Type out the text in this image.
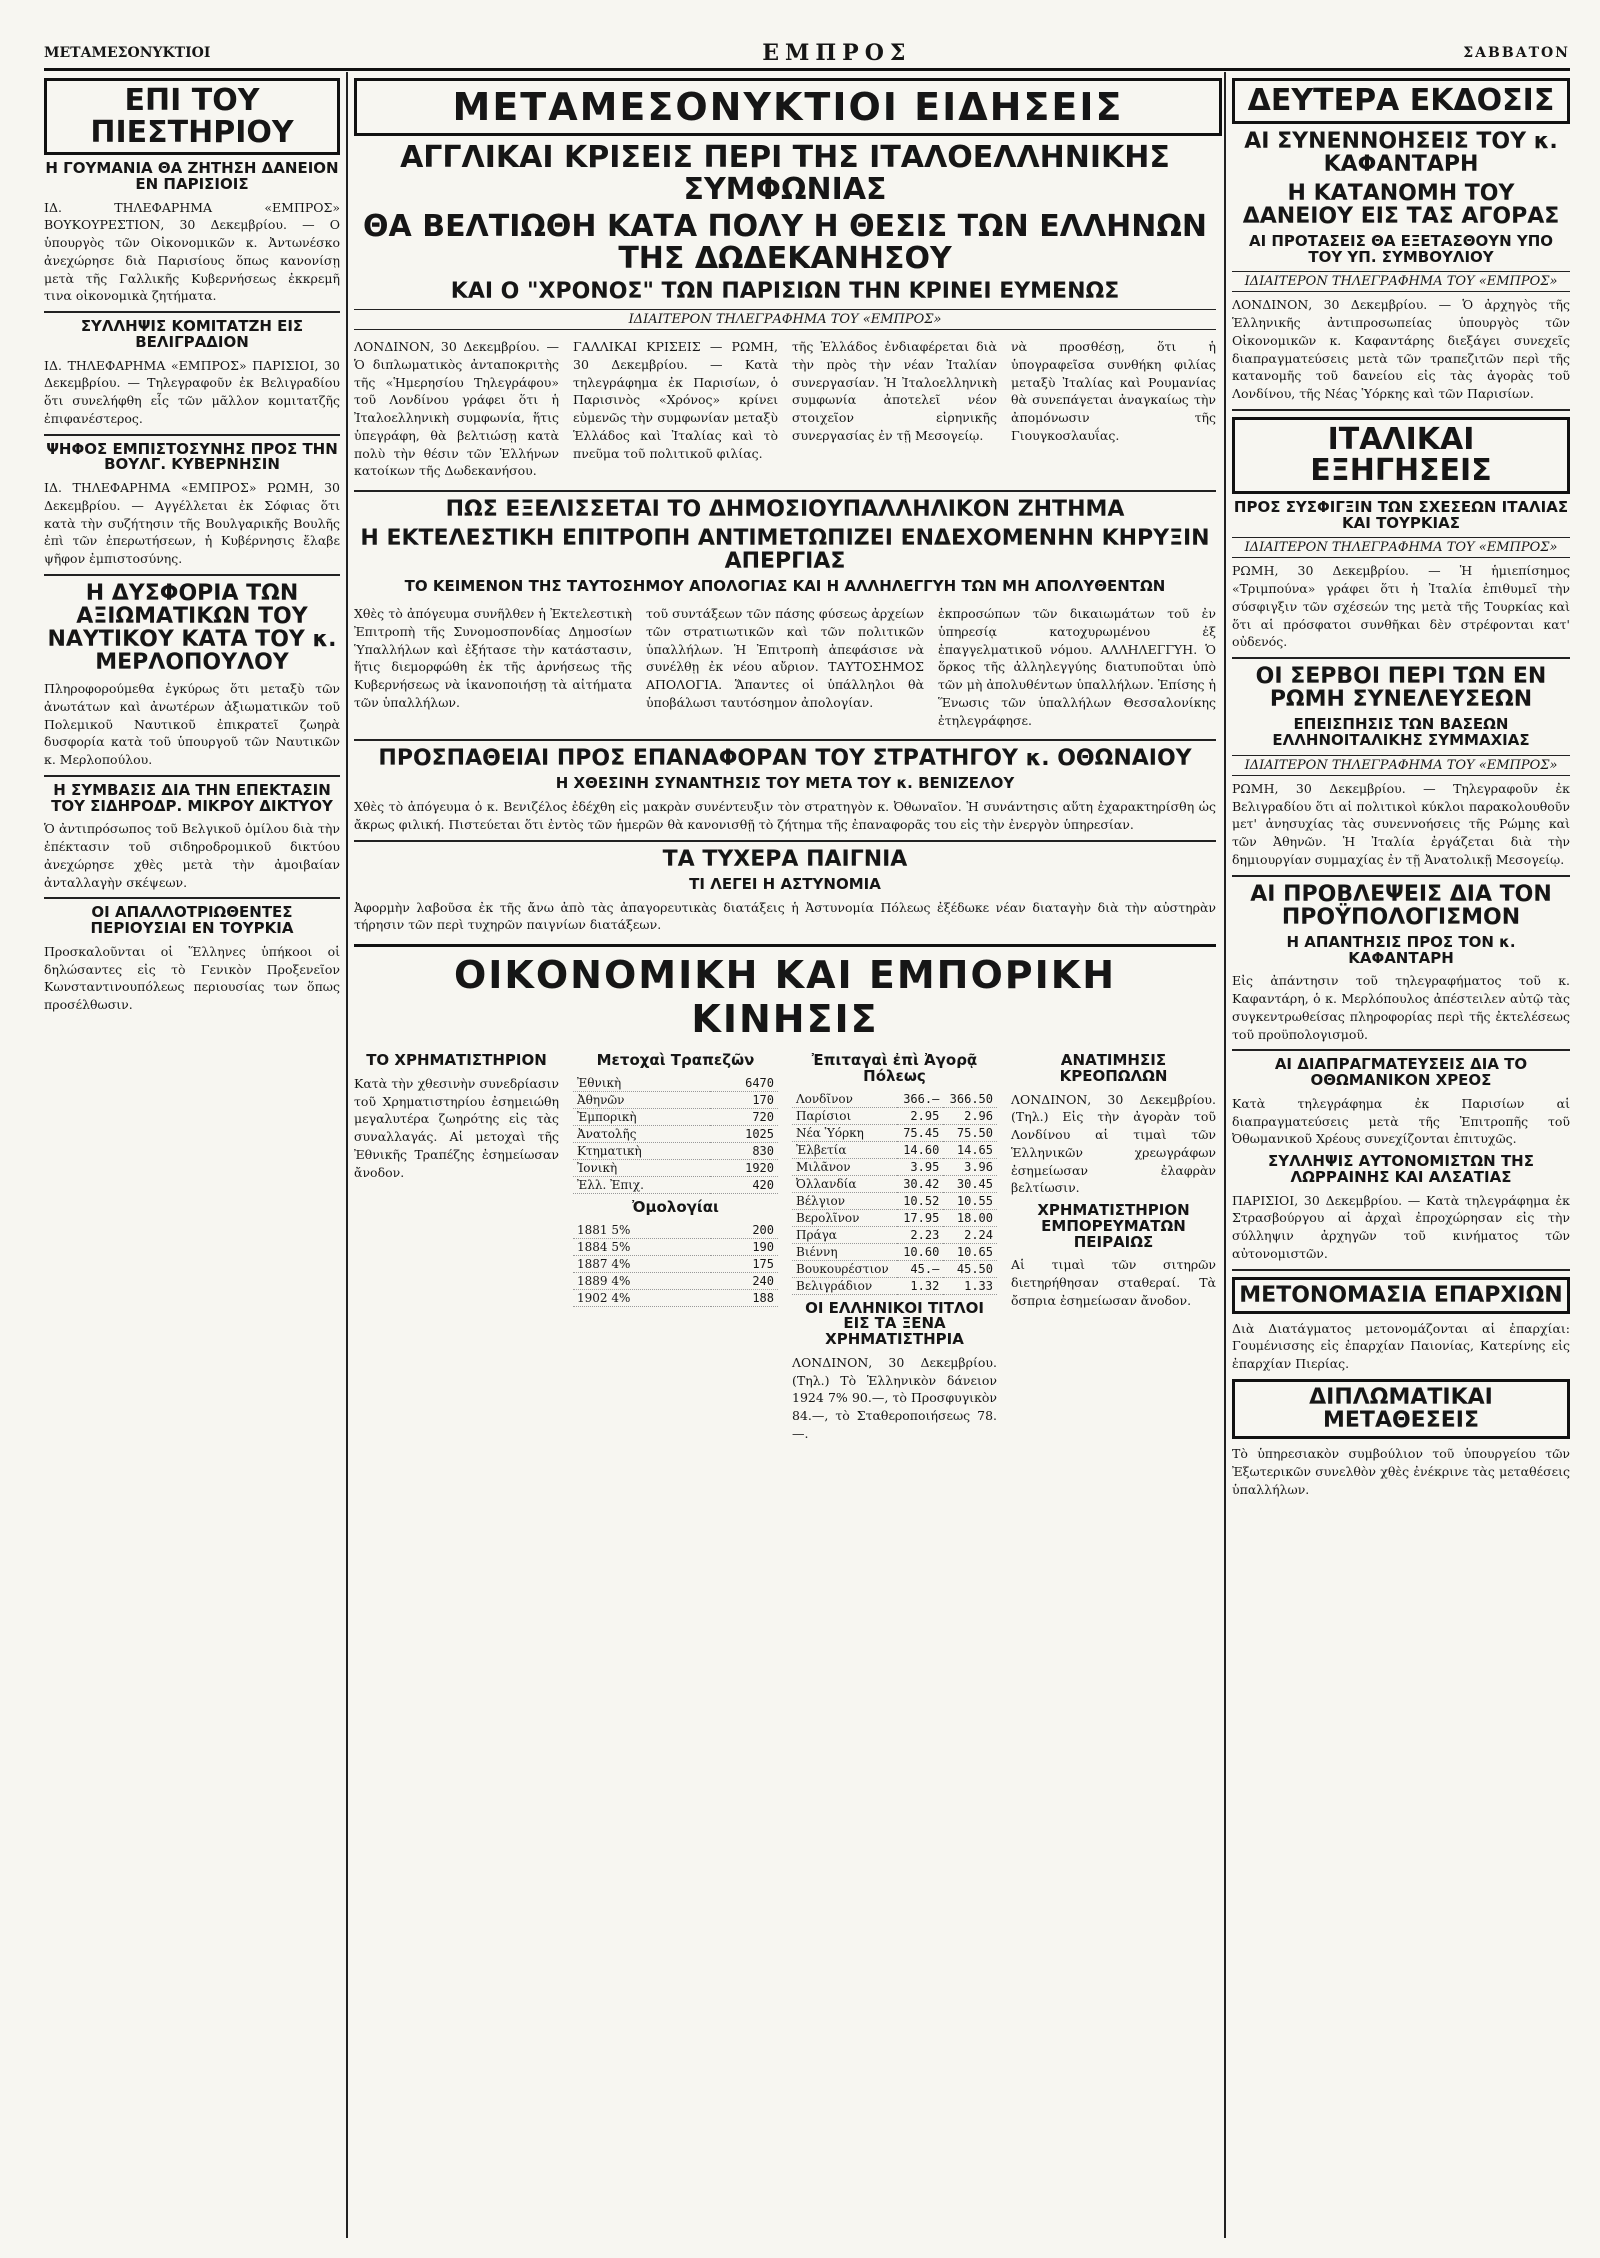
ΜΕΤΑΜΕΣΟΝΥΚΤΙΟΙ	ΕΜΠΡΟΣ	ΣΑΒΒΑΤΟΝ
ΕΠΙ ΤΟΥ ΠΙΕΣΤΗΡΙΟΥ
Η ΓΟΥΜΑΝΙΑ ΘΑ ΖΗΤΗΣΗ ΔΑΝΕΙΟΝ ΕΝ ΠΑΡΙΣΙΟΙΣ
ΙΔ. ΤΗΛΕΦΑΡΗΜΑ «ΕΜΠΡΟΣ» ΒΟΥΚΟΥΡΕΣΤΙΟΝ, 30 Δεκεμβρίου. — Ο ὑπουργὸς τῶν Οἰκονομικῶν κ. Ἀντωνέσκο ἀνεχώρησε διὰ Παρισίους ὅπως κανονίσῃ μετὰ τῆς Γαλλικῆς Κυβερνήσεως ἐκκρεμῆ τινα οἰκονομικὰ ζητήματα.
ΣΥΛΛΗΨΙΣ ΚΟΜΙΤΑΤΖΗ ΕΙΣ ΒΕΛΙΓΡΑΔΙΟΝ
ΙΔ. ΤΗΛΕΦΑΡΗΜΑ «ΕΜΠΡΟΣ» ΠΑΡΙΣΙΟΙ, 30 Δεκεμβρίου. — Τηλεγραφοῦν ἐκ Βελιγραδίου ὅτι συνελήφθη εἷς τῶν μᾶλλον κομιτατζῆς ἐπιφανέστερος.
ΨΗΦΟΣ ΕΜΠΙΣΤΟΣΥΝΗΣ ΠΡΟΣ ΤΗΝ ΒΟΥΛΓ. ΚΥΒΕΡΝΗΣΙΝ
ΙΔ. ΤΗΛΕΦΑΡΗΜΑ «ΕΜΠΡΟΣ» ΡΩΜΗ, 30 Δεκεμβρίου. — Αγγέλλεται ἐκ Σόφιας ὅτι κατὰ τὴν συζήτησιν τῆς Βουλγαρικῆς Βουλῆς ἐπὶ τῶν ἐπερωτήσεων, ἡ Κυβέρνησις ἔλαβε ψῆφον ἐμπιστοσύνης.
Η ΔΥΣΦΟΡΙΑ ΤΩΝ ΑΞΙΩΜΑΤΙΚΩΝ ΤΟΥ ΝΑΥΤΙΚΟΥ ΚΑΤΑ ΤΟΥ κ. ΜΕΡΛΟΠΟΥΛΟΥ
Πληροφορούμεθα ἐγκύρως ὅτι μεταξὺ τῶν ἀνωτάτων καὶ ἀνωτέρων ἀξιωματικῶν τοῦ Πολεμικοῦ Ναυτικοῦ ἐπικρατεῖ ζωηρὰ δυσφορία κατὰ τοῦ ὑπουργοῦ τῶν Ναυτικῶν κ. Μερλοπούλου.
Η ΣΥΜΒΑΣΙΣ ΔΙΑ ΤΗΝ ΕΠΕΚΤΑΣΙΝ ΤΟΥ ΣΙΔΗΡΟΔΡ. ΜΙΚΡΟΥ ΔΙΚΤΥΟΥ
Ὁ ἀντιπρόσωπος τοῦ Βελγικοῦ ὁμίλου διὰ τὴν ἐπέκτασιν τοῦ σιδηροδρομικοῦ δικτύου ἀνεχώρησε χθὲς μετὰ τὴν ἀμοιβαίαν ἀνταλλαγὴν σκέψεων.
ΟΙ ΑΠΑΛΛΟΤΡΙΩΘΕΝΤΕΣ ΠΕΡΙΟΥΣΙΑΙ ΕΝ ΤΟΥΡΚΙΑ
Προσκαλοῦνται οἱ Ἕλληνες ὑπήκοοι οἱ δηλώσαντες εἰς τὸ Γενικὸν Προξενεῖον Κωνσταντινουπόλεως περιουσίας των ὅπως προσέλθωσιν.
ΜΕΤΑΜΕΣΟΝΥΚΤΙΟΙ ΕΙΔΗΣΕΙΣ
ΑΓΓΛΙΚΑΙ ΚΡΙΣΕΙΣ ΠΕΡΙ ΤΗΣ ΙΤΑΛΟΕΛΛΗΝΙΚΗΣ ΣΥΜΦΩΝΙΑΣ
ΘΑ ΒΕΛΤΙΩΘΗ ΚΑΤΑ ΠΟΛΥ Η ΘΕΣΙΣ ΤΩΝ ΕΛΛΗΝΩΝ ΤΗΣ ΔΩΔΕΚΑΝΗΣΟΥ
ΚΑΙ Ο "ΧΡΟΝΟΣ" ΤΩΝ ΠΑΡΙΣΙΩΝ ΤΗΝ ΚΡΙΝΕΙ ΕΥΜΕΝΩΣ
ΙΔΙΑΙΤΕΡΟΝ ΤΗΛΕΓΡΑΦΗΜΑ ΤΟΥ «ΕΜΠΡΟΣ»
ΛΟΝΔΙΝΟΝ, 30 Δεκεμβρίου. — Ὁ διπλωματικὸς ἀνταποκριτὴς τῆς «Ἡμερησίου Τηλεγράφου» τοῦ Λονδίνου γράφει ὅτι ἡ Ἰταλοελληνικὴ συμφωνία, ἥτις ὑπεγράφη, θὰ βελτιώσῃ κατὰ πολὺ τὴν θέσιν τῶν Ἑλλήνων κατοίκων τῆς Δωδεκανήσου.
ΓΑΛΛΙΚΑΙ ΚΡΙΣΕΙΣ — ΡΩΜΗ, 30 Δεκεμβρίου. — Κατὰ τηλεγράφημα ἐκ Παρισίων, ὁ Παρισινὸς «Χρόνος» κρίνει εὐμενῶς τὴν συμφωνίαν μεταξὺ Ἑλλάδος καὶ Ἰταλίας καὶ τὸ πνεῦμα τοῦ πολιτικοῦ φιλίας.
τῆς Ἑλλάδος ἐνδιαφέρεται διὰ τὴν πρὸς τὴν νέαν Ἰταλίαν συνεργασίαν. Ἡ Ἰταλοελληνικὴ συμφωνία ἀποτελεῖ νέον στοιχεῖον εἰρηνικῆς συνεργασίας ἐν τῇ Μεσογείῳ.
νὰ προσθέσῃ, ὅτι ἡ ὑπογραφεῖσα συνθήκη φιλίας μεταξὺ Ἰταλίας καὶ Ρουμανίας θὰ συνεπάγεται ἀναγκαίως τὴν ἀπομόνωσιν τῆς Γιουγκοσλαυΐας.
ΠΩΣ ΕΞΕΛΙΣΣΕΤΑΙ ΤΟ ΔΗΜΟΣΙΟΥΠΑΛΛΗΛΙΚΟΝ ΖΗΤΗΜΑ
Η ΕΚΤΕΛΕΣΤΙΚΗ ΕΠΙΤΡΟΠΗ ΑΝΤΙΜΕΤΩΠΙΖΕΙ ΕΝΔΕΧΟΜΕΝΗΝ ΚΗΡΥΞΙΝ ΑΠΕΡΓΙΑΣ
ΤΟ ΚΕΙΜΕΝΟΝ ΤΗΣ ΤΑΥΤΟΣΗΜΟΥ ΑΠΟΛΟΓΙΑΣ ΚΑΙ Η ΑΛΛΗΛΕΓΓΥΗ ΤΩΝ ΜΗ ΑΠΟΛΥΘΕΝΤΩΝ
Χθὲς τὸ ἀπόγευμα συνῆλθεν ἡ Ἐκτελεστικὴ Ἐπιτροπὴ τῆς Συνομοσπονδίας Δημοσίων Ὑπαλλήλων καὶ ἐξήτασε τὴν κατάστασιν, ἥτις διεμορφώθη ἐκ τῆς ἀρνήσεως τῆς Κυβερνήσεως νὰ ἱκανοποιήσῃ τὰ αἰτήματα τῶν ὑπαλλήλων.
τοῦ συντάξεων τῶν πάσης φύσεως ἀρχείων τῶν στρατιωτικῶν καὶ τῶν πολιτικῶν ὑπαλλήλων. Ἡ Ἐπιτροπὴ ἀπεφάσισε νὰ συνέλθῃ ἐκ νέου αὔριον. ΤΑΥΤΟΣΗΜΟΣ ΑΠΟΛΟΓΙΑ. Ἅπαντες οἱ ὑπάλληλοι θὰ ὑποβάλωσι ταυτόσημον ἀπολογίαν.
ἐκπροσώπων τῶν δικαιωμάτων τοῦ ἐν ὑπηρεσίᾳ κατοχυρωμένου ἐξ ἐπαγγελματικοῦ νόμου. ΑΛΛΗΛΕΓΓΥΗ. Ὁ ὅρκος τῆς ἀλληλεγγύης διατυποῦται ὑπὸ τῶν μὴ ἀπολυθέντων ὑπαλλήλων. Ἐπίσης ἡ Ἕνωσις τῶν ὑπαλλήλων Θεσσαλονίκης ἐτηλεγράφησε.
ΠΡΟΣΠΑΘΕΙΑΙ ΠΡΟΣ ΕΠΑΝΑΦΟΡΑΝ ΤΟΥ ΣΤΡΑΤΗΓΟΥ κ. ΟΘΩΝΑΙΟΥ
Η ΧΘΕΣΙΝΗ ΣΥΝΑΝΤΗΣΙΣ ΤΟΥ ΜΕΤΑ ΤΟΥ κ. ΒΕΝΙΖΕΛΟΥ
Χθὲς τὸ ἀπόγευμα ὁ κ. Βενιζέλος ἐδέχθη εἰς μακρὰν συνέντευξιν τὸν στρατηγὸν κ. Ὀθωναῖον. Ἡ συνάντησις αὕτη ἐχαρακτηρίσθη ὡς ἄκρως φιλική. Πιστεύεται ὅτι ἐντὸς τῶν ἡμερῶν θὰ κανονισθῇ τὸ ζήτημα τῆς ἐπαναφορᾶς του εἰς τὴν ἐνεργὸν ὑπηρεσίαν.
ΤΑ ΤΥΧΕΡΑ ΠΑΙΓΝΙΑ
ΤΙ ΛΕΓΕΙ Η ΑΣΤΥΝΟΜΙΑ
Ἀφορμὴν λαβοῦσα ἐκ τῆς ἄνω ἀπὸ τὰς ἀπαγορευτικὰς διατάξεις ἡ Ἀστυνομία Πόλεως ἐξέδωκε νέαν διαταγὴν διὰ τὴν αὐστηρὰν τήρησιν τῶν περὶ τυχηρῶν παιγνίων διατάξεων.
ΟΙΚΟΝΟΜΙΚΗ ΚΑΙ ΕΜΠΟΡΙΚΗ ΚΙΝΗΣΙΣ
ΤΟ ΧΡΗΜΑΤΙΣΤΗΡΙΟΝ
Κατὰ τὴν χθεσινὴν συνεδρίασιν τοῦ Χρηματιστηρίου ἐσημειώθη μεγαλυτέρα ζωηρότης εἰς τὰς συναλλαγάς. Αἱ μετοχαὶ τῆς Ἐθνικῆς Τραπέζης ἐσημείωσαν ἄνοδον.
Μετοχαὶ Τραπεζῶν
Ἐθνικὴ	6470
Ἀθηνῶν	170
Ἐμπορικὴ	720
Ἀνατολῆς	1025
Κτηματικὴ	830
Ἰονικὴ	1920
Ἐλλ. Ἐπιχ.	420
Ὀμολογίαι
1881 5%	200
1884 5%	190
1887 4%	175
1889 4%	240
1902 4%	188
Ἐπιταγαὶ ἐπὶ Ἀγορᾷ Πόλεως
Λονδῖνον	366.—	366.50
Παρίσιοι	2.95	2.96
Νέα Ὑόρκη	75.45	75.50
Ἐλβετία	14.60	14.65
Μιλᾶνον	3.95	3.96
Ὀλλανδία	30.42	30.45
Βέλγιον	10.52	10.55
Βερολῖνον	17.95	18.00
Πράγα	2.23	2.24
Βιέννη	10.60	10.65
Βουκουρέστιον	45.—	45.50
Βελιγράδιον	1.32	1.33
ΟΙ ΕΛΛΗΝΙΚΟΙ ΤΙΤΛΟΙ ΕΙΣ ΤΑ ΞΕΝΑ ΧΡΗΜΑΤΙΣΤΗΡΙΑ
ΛΟΝΔΙΝΟΝ, 30 Δεκεμβρίου. (Τηλ.) Τὸ Ἑλληνικὸν δάνειον 1924 7% 90.—, τὸ Προσφυγικὸν 84.—, τὸ Σταθεροποιήσεως 78.—.
ΑΝΑΤΙΜΗΣΙΣ ΚΡΕΟΠΩΛΩΝ
ΛΟΝΔΙΝΟΝ, 30 Δεκεμβρίου. (Τηλ.) Εἰς τὴν ἀγορὰν τοῦ Λονδίνου αἱ τιμαὶ τῶν Ἑλληνικῶν χρεωγράφων ἐσημείωσαν ἐλαφρὰν βελτίωσιν.
ΧΡΗΜΑΤΙΣΤΗΡΙΟΝ ΕΜΠΟΡΕΥΜΑΤΩΝ ΠΕΙΡΑΙΩΣ
Αἱ τιμαὶ τῶν σιτηρῶν διετηρήθησαν σταθεραί. Τὰ ὄσπρια ἐσημείωσαν ἄνοδον.
ΔΕΥΤΕΡΑ ΕΚΔΟΣΙΣ
ΑΙ ΣΥΝΕΝΝΟΗΣΕΙΣ ΤΟΥ κ. ΚΑΦΑΝΤΑΡΗ
Η ΚΑΤΑΝΟΜΗ ΤΟΥ ΔΑΝΕΙΟΥ ΕΙΣ ΤΑΣ ΑΓΟΡΑΣ
ΑΙ ΠΡΟΤΑΣΕΙΣ ΘΑ ΕΞΕΤΑΣΘΟΥΝ ΥΠΟ ΤΟΥ ΥΠ. ΣΥΜΒΟΥΛΙΟΥ
ΙΔΙΑΙΤΕΡΟΝ ΤΗΛΕΓΡΑΦΗΜΑ ΤΟΥ «ΕΜΠΡΟΣ»
ΛΟΝΔΙΝΟΝ, 30 Δεκεμβρίου. — Ὁ ἀρχηγὸς τῆς Ἑλληνικῆς ἀντιπροσωπείας ὑπουργὸς τῶν Οἰκονομικῶν κ. Καφαντάρης διεξάγει συνεχεῖς διαπραγματεύσεις μετὰ τῶν τραπεζιτῶν περὶ τῆς κατανομῆς τοῦ δανείου εἰς τὰς ἀγορὰς τοῦ Λονδίνου, τῆς Νέας Ὑόρκης καὶ τῶν Παρισίων.
ΙΤΑΛΙΚΑΙ ΕΞΗΓΗΣΕΙΣ
ΠΡΟΣ ΣΥΣΦΙΓΞΙΝ ΤΩΝ ΣΧΕΣΕΩΝ ΙΤΑΛΙΑΣ ΚΑΙ ΤΟΥΡΚΙΑΣ
ΙΔΙΑΙΤΕΡΟΝ ΤΗΛΕΓΡΑΦΗΜΑ ΤΟΥ «ΕΜΠΡΟΣ»
ΡΩΜΗ, 30 Δεκεμβρίου. — Ἡ ἡμιεπίσημος «Τριμπούνα» γράφει ὅτι ἡ Ἰταλία ἐπιθυμεῖ τὴν σύσφιγξιν τῶν σχέσεών της μετὰ τῆς Τουρκίας καὶ ὅτι αἱ πρόσφατοι συνθῆκαι δὲν στρέφονται κατ' οὐδενός.
ΟΙ ΣΕΡΒΟΙ ΠΕΡΙ ΤΩΝ ΕΝ ΡΩΜΗ ΣΥΝΕΛΕΥΣΕΩΝ
ΕΠΕΙΣΠΗΣΙΣ ΤΩΝ ΒΑΣΕΩΝ ΕΛΛΗΝΟΙΤΑΛΙΚΗΣ ΣΥΜΜΑΧΙΑΣ
ΙΔΙΑΙΤΕΡΟΝ ΤΗΛΕΓΡΑΦΗΜΑ ΤΟΥ «ΕΜΠΡΟΣ»
ΡΩΜΗ, 30 Δεκεμβρίου. — Τηλεγραφοῦν ἐκ Βελιγραδίου ὅτι αἱ πολιτικοὶ κύκλοι παρακολουθοῦν μετ' ἀνησυχίας τὰς συνεννοήσεις τῆς Ρώμης καὶ τῶν Ἀθηνῶν. Ἡ Ἰταλία ἐργάζεται διὰ τὴν δημιουργίαν συμμαχίας ἐν τῇ Ἀνατολικῇ Μεσογείῳ.
ΑΙ ΠΡΟΒΛΕΨΕΙΣ ΔΙΑ ΤΟΝ ΠΡΟΫΠΟΛΟΓΙΣΜΟΝ
Η ΑΠΑΝΤΗΣΙΣ ΠΡΟΣ ΤΟΝ κ. ΚΑΦΑΝΤΑΡΗ
Εἰς ἀπάντησιν τοῦ τηλεγραφήματος τοῦ κ. Καφαντάρη, ὁ κ. Μερλόπουλος ἀπέστειλεν αὐτῷ τὰς συγκεντρωθείσας πληροφορίας περὶ τῆς ἐκτελέσεως τοῦ προϋπολογισμοῦ.
ΑΙ ΔΙΑΠΡΑΓΜΑΤΕΥΣΕΙΣ ΔΙΑ ΤΟ ΟΘΩΜΑΝΙΚΟΝ ΧΡΕΟΣ
Κατὰ τηλεγράφημα ἐκ Παρισίων αἱ διαπραγματεύσεις μετὰ τῆς Ἐπιτροπῆς τοῦ Ὀθωμανικοῦ Χρέους συνεχίζονται ἐπιτυχῶς.
ΣΥΛΛΗΨΙΣ ΑΥΤΟΝΟΜΙΣΤΩΝ ΤΗΣ ΛΩΡΡΑΙΝΗΣ ΚΑΙ ΑΛΣΑΤΙΑΣ
ΠΑΡΙΣΙΟΙ, 30 Δεκεμβρίου. — Κατὰ τηλεγράφημα ἐκ Στρασβούργου αἱ ἀρχαὶ ἐπροχώρησαν εἰς τὴν σύλληψιν ἀρχηγῶν τοῦ κινήματος τῶν αὐτονομιστῶν.
ΜΕΤΟΝΟΜΑΣΙΑ ΕΠΑΡΧΙΩΝ
Διὰ Διατάγματος μετονομάζονται αἱ ἐπαρχίαι: Γουμένισσης εἰς ἐπαρχίαν Παιονίας, Κατερίνης εἰς ἐπαρχίαν Πιερίας.
ΔΙΠΛΩΜΑΤΙΚΑΙ ΜΕΤΑΘΕΣΕΙΣ
Τὸ ὑπηρεσιακὸν συμβούλιον τοῦ ὑπουργείου τῶν Ἐξωτερικῶν συνελθὸν χθὲς ἐνέκρινε τὰς μεταθέσεις ὑπαλλήλων.
